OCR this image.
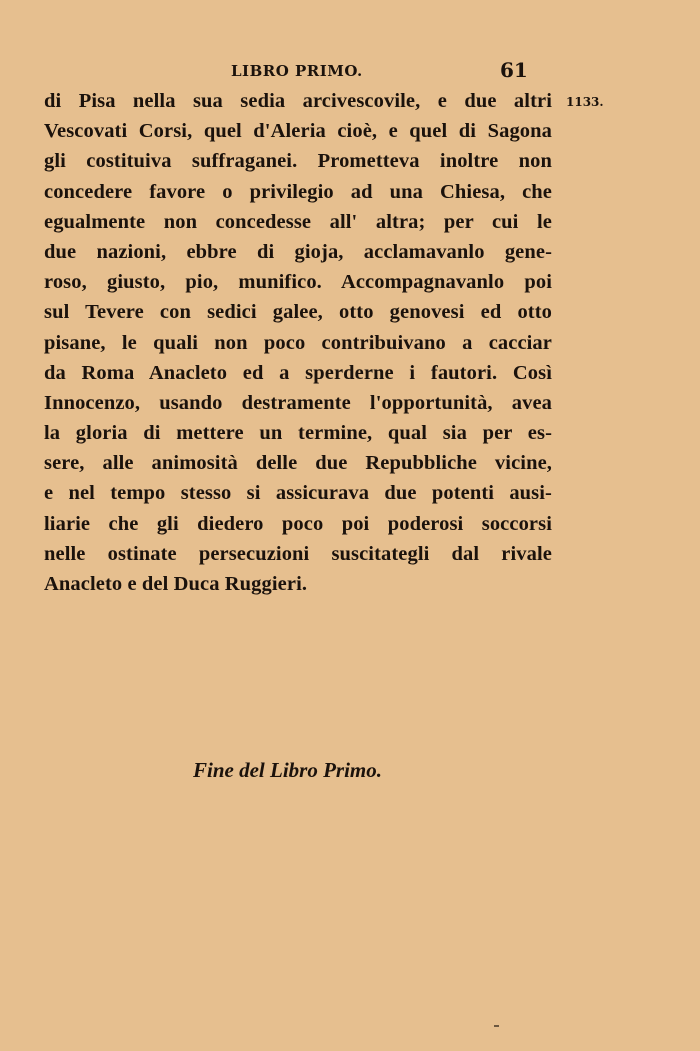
LIBRO PRIMO.	61
1133.
di Pisa nella sua sedia arcivescovile, e due altri
Vescovati Corsi, quel d'Aleria cioè, e quel di Sagona
gli costituiva suffraganei. Prometteva inoltre non
concedere favore o privilegio ad una Chiesa, che
egualmente non concedesse all' altra; per cui le
due nazioni, ebbre di gioja, acclamavanlo gene-
roso, giusto, pio, munifico. Accompagnavanlo poi
sul Tevere con sedici galee, otto genovesi ed otto
pisane, le quali non poco contribuivano a cacciar
da Roma Anacleto ed a sperderne i fautori. Così
Innocenzo, usando destramente l'opportunità, avea
la gloria di mettere un termine, qual sia per es-
sere, alle animosità delle due Repubbliche vicine,
e nel tempo stesso si assicurava due potenti ausi-
liarie che gli diedero poco poi poderosi soccorsi
nelle ostinate persecuzioni suscitategli dal rivale
Anacleto e del Duca Ruggieri.
Fine del Libro Primo.
